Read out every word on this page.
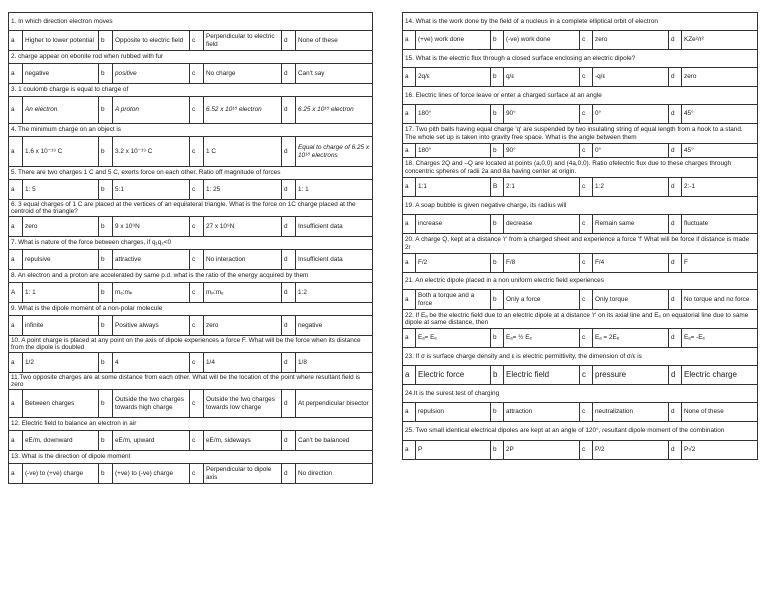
1. In which direction electron moves							
a	Higher to lower potential	b	Opposite to electric field	c	Perpendicular to electric field	d	None of these
2. charge appear on ebonite rod when rubbed with fur							
a	negative	b	positive	c	No charge	d	Can't say
3. 1 coulomb charge is equal to charge of							
a	An electron	b	A proton	c	6.52 x 10¹⁸ electron	d	6.25 x 10¹⁸ electron
4. The minimum charge on an object is							
a	1.6 x 10⁻¹⁹ C	b	3.2 x 10⁻¹⁹ C	c	1 C	d	Equal to charge of 6.25 x 10¹⁸ electrons
5. There are two charges 1 C and 5 C, exerts force on each other. Ratio off magnitude of forces							
a	1: 5	b	5:1	c	1: 25	d	1: 1
6. 3 equal charges of 1 C are placed at the vertices of an equilateral triangle. What is the force on 1C charge placed at the centroid of the triangle?							
a	zero	b	9 x 10⁹N	c	27 x 10⁹N	d	Insufficient data
7. What is nature of the force between charges, if q₁q₂<0							
a	repulsive	b	attractive	c	No interaction	d	Insufficient data
8. An electron and a proton are accelerated by same p.d. what is the ratio of the energy acquired by them							
A	1: 1	b	mₑ:mₚ	c	mₚ:mₑ	d	1:2
9. What is the dipole moment of a non-polar molecule							
a	infinite	b	Positive always	c	zero	d	negative
10. A point charge is placed at any point on the axis of dipole experiences a force F. What will be the force when its distance from the dipole is doubled							
a	1/2	b	4	c	1/4	d	1/8
11.Two opposite charges are at some distance from each other. What will be the location of the point where resultant field is zero							
a	Between charges	b	Outside the two charges towards high charge	c	Outside the two charges towards low charge	d	At perpendicular bisector
12. Electric field to balance an electron in air							
a	eE/m, downward	b	eE/m, upward	c	eE/m, sideways	d	Can't be balanced
13. What is the direction of dipole moment							
a	(-ve) to (+ve) charge	b	(+ve) to (-ve) charge	c	Perpendicular to dipole axis	d	No direction
14. What is the work done by the field of a nucleus in a complete elliptical orbit of electron							
a	(+ve) work done	b	(-ve) work done	c	zero	d	KZe²/r²
15. What is the electric flux through a closed surface enclosing an electric dipole?							
a	2q/ε	b	q/ε	c	-q/ε	d	zero
16. Electric lines of force leave or enter a charged surface at an angle							
a	180°	b	90°	c	0°	d	45°
17. Two pith balls having equal charge 'q' are suspended by two insulating string of equal length from a hook to a stand. The whole set up is taken into gravity free space. What is the angle between them							
a	180°	b	90°	c	0°	d	45°
18. Charges 2Q and –Q are located at points (a,0,0) and (4a,0,0). Ratio ofelectric flux due to these charges through concentric spheres of radii 2a and 8a having center at origin.							
a	1:1	B	2:1	c	1:2	d	2:-1
19. A soap bubble is given negative charge, its radius will							
a	increase	b	decrease	c	Remain same	d	fluctuate
20. A charge Q, kept at a distance 'r' from a charged sheet and experience a force 'f' What will be force if distance is made 2r							
a	F/2	b	F/8	c	F/4	d	F
21. An electric dipole placed in a non uniform electric field experiences							
a	Both a torque and a force	b	Only a force	c	Only torque	d	No torque and no force
22. If Eₐ be the electric field due to an electric dipole at a distance 'r' on its axial line and Eₑ on equatorial line due to same dipole at same distance, then							
a	Eₐ= Eₑ	b	Eₐ= ½ Eₑ	c	Eₐ = 2Eₑ	d	Eₐ= -Eₑ
23. If σ is surface charge density and ε is electric permittivity, the dimension of σ/ε is							
a	Electric force	b	Electric field	c	pressure	d	Electric charge
24.It is the surest test of charging							
a	repulsion	b	attraction	c	neutralization	d	None of these
25. Two small identical electrical dipoles are kept at an angle of 120°, resultant dipole moment of the combination							
a	P	b	2P	c	P/2	d	P√2
